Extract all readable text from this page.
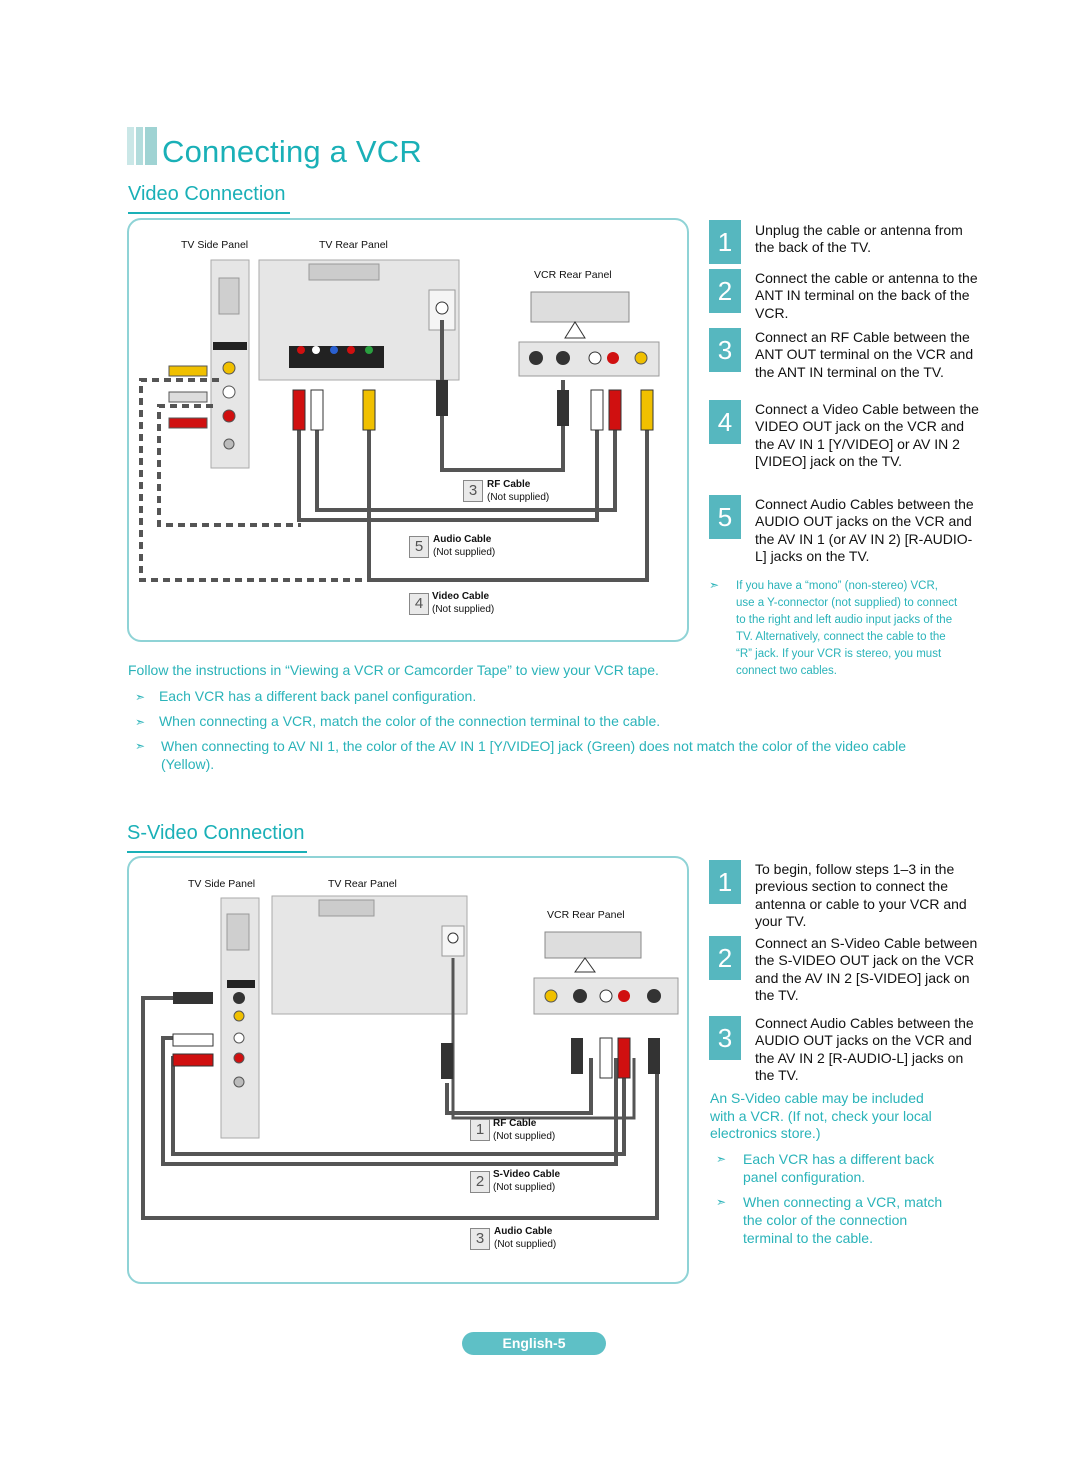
Connecting a VCR
Video Connection
TV Side Panel	TV Rear Panel
VCR Rear Panel
3 RF Cable
(Not supplied)
5 Audio Cable
(Not supplied)
4 Video Cable
(Not supplied)
1	Unplug the cable or antenna from the back of the TV.
2	Connect the cable or antenna to the ANT IN terminal on the back of the VCR.
3	Connect an RF Cable between the ANT OUT terminal on the VCR and the ANT IN terminal on the TV.
4	Connect a Video Cable between the VIDEO OUT jack on the VCR and the AV IN 1 [Y/VIDEO] or AV IN 2 [VIDEO] jack on the TV.
5	Connect Audio Cables between the AUDIO OUT jacks on the VCR and the AV IN 1 (or AV IN 2) [R-AUDIO-L] jacks on the TV.
➣ If you have a “mono” (non-stereo) VCR, use a Y-connector (not supplied) to connect to the right and left audio input jacks of the TV. Alternatively, connect the cable to the “R” jack. If your VCR is stereo, you must connect two cables.
Follow the instructions in “Viewing a VCR or Camcorder Tape” to view your VCR tape.
➣ Each VCR has a different back panel configuration.
➣ When connecting a VCR, match the color of the connection terminal to the cable.
➣ When connecting to AV NI 1, the color of the AV IN 1 [Y/VIDEO] jack (Green) does not match the color of the video cable (Yellow).
S-Video Connection
TV Side Panel	TV Rear Panel
VCR Rear Panel
1 RF Cable
(Not supplied)
2 S-Video Cable
(Not supplied)
3 Audio Cable
(Not supplied)
1	To begin, follow steps 1–3 in the previous section to connect the antenna or cable to your VCR and your TV.
2	Connect an S-Video Cable between the S-VIDEO OUT jack on the VCR and the AV IN 2 [S-VIDEO] jack on the TV.
3	Connect Audio Cables between the AUDIO OUT jacks on the VCR and the AV IN 2 [R-AUDIO-L] jacks on the TV.
An S-Video cable may be included with a VCR. (If not, check your local electronics store.)
➣ Each VCR has a different back panel configuration.
➣ When connecting a VCR, match the color of the connection terminal to the cable.
English-5
